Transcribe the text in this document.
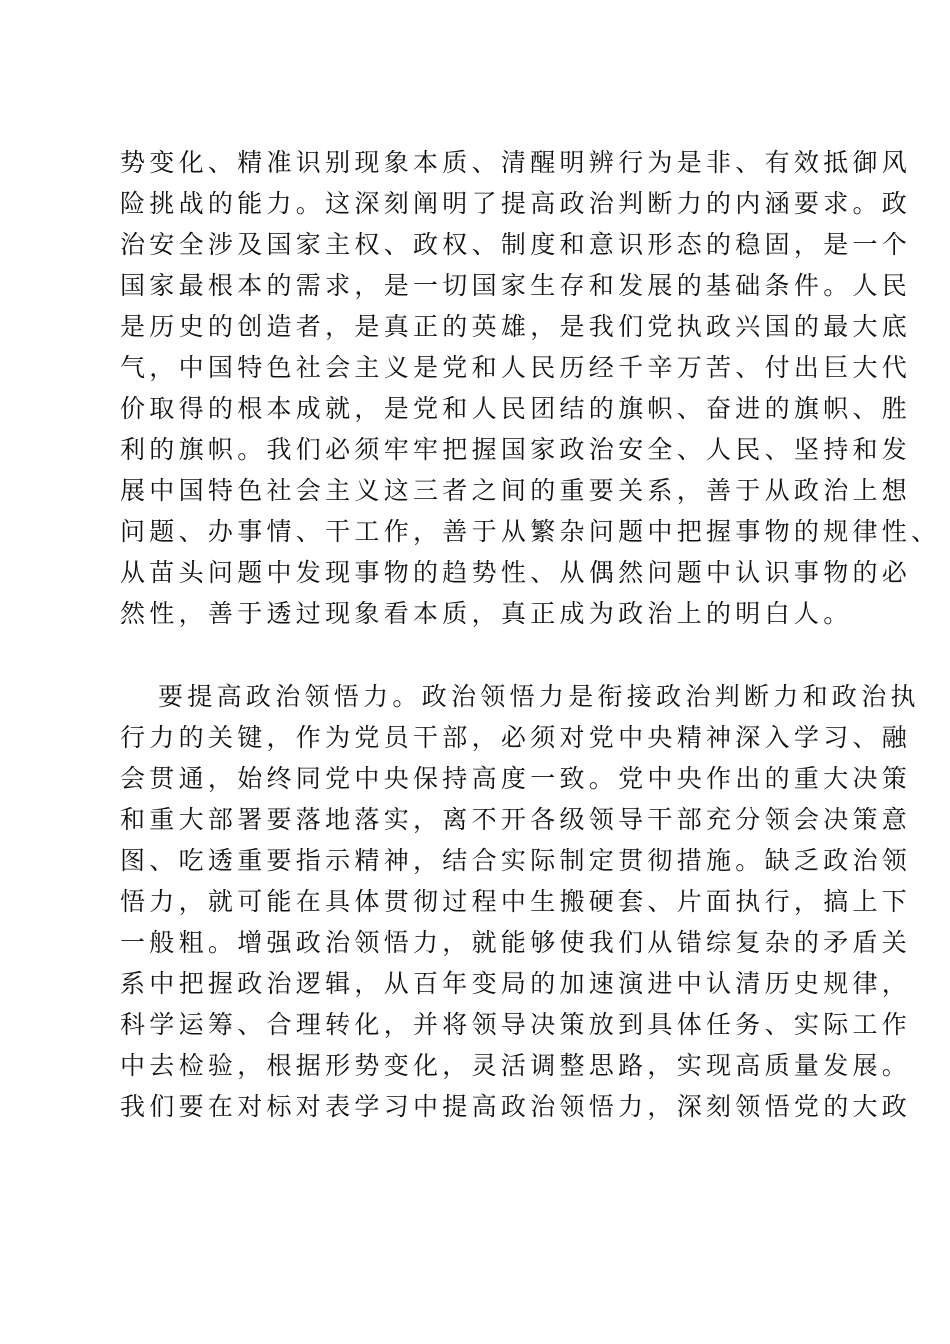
势变化、精准识别现象本质、清醒明辨行为是非、有效抵御风
险挑战的能力。这深刻阐明了提高政治判断力的内涵要求。政
治安全涉及国家主权、政权、制度和意识形态的稳固，是一个
国家最根本的需求，是一切国家生存和发展的基础条件。人民
是历史的创造者，是真正的英雄，是我们党执政兴国的最大底
气，中国特色社会主义是党和人民历经千辛万苦、付出巨大代
价取得的根本成就，是党和人民团结的旗帜、奋进的旗帜、胜
利的旗帜。我们必须牢牢把握国家政治安全、人民、坚持和发
展中国特色社会主义这三者之间的重要关系，善于从政治上想
问题、办事情、干工作，善于从繁杂问题中把握事物的规律性、
从苗头问题中发现事物的趋势性、从偶然问题中认识事物的必
然性，善于透过现象看本质，真正成为政治上的明白人。
要提高政治领悟力。政治领悟力是衔接政治判断力和政治执
行力的关键，作为党员干部，必须对党中央精神深入学习、融
会贯通，始终同党中央保持高度一致。党中央作出的重大决策
和重大部署要落地落实，离不开各级领导干部充分领会决策意
图、吃透重要指示精神，结合实际制定贯彻措施。缺乏政治领
悟力，就可能在具体贯彻过程中生搬硬套、片面执行，搞上下
一般粗。增强政治领悟力，就能够使我们从错综复杂的矛盾关
系中把握政治逻辑，从百年变局的加速演进中认清历史规律，
科学运筹、合理转化，并将领导决策放到具体任务、实际工作
中去检验，根据形势变化，灵活调整思路，实现高质量发展。
我们要在对标对表学习中提高政治领悟力，深刻领悟党的大政
